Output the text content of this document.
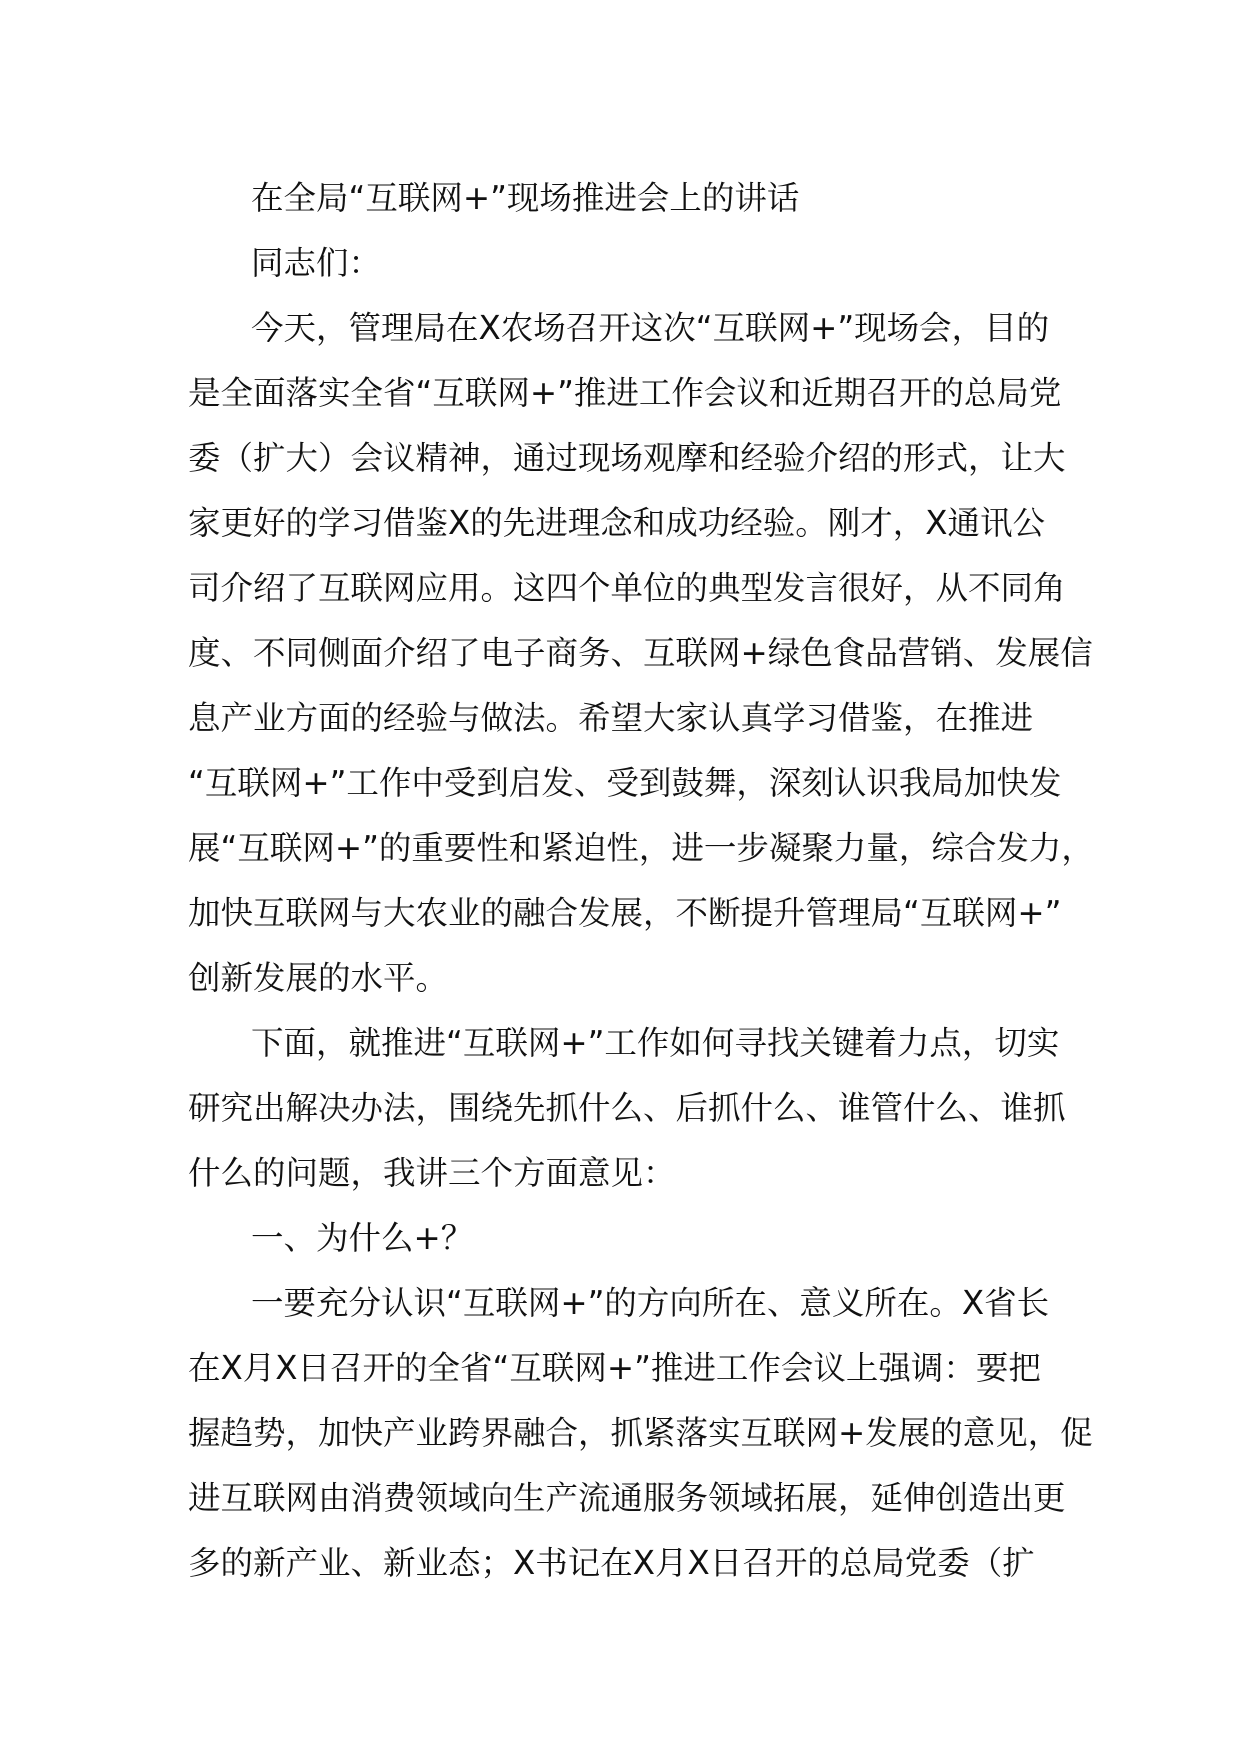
在全局“互联网+”现场推进会上的讲话

同志们：

今天，管理局在X农场召开这次“互联网+”现场会，目的
是全面落实全省“互联网+”推进工作会议和近期召开的总局党
委（扩大）会议精神，通过现场观摩和经验介绍的形式，让大
家更好的学习借鉴X的先进理念和成功经验。刚才，X通讯公
司介绍了互联网应用。这四个单位的典型发言很好，从不同角
度、不同侧面介绍了电子商务、互联网+绿色食品营销、发展信
息产业方面的经验与做法。希望大家认真学习借鉴，在推进
“互联网+”工作中受到启发、受到鼓舞，深刻认识我局加快发
展“互联网+”的重要性和紧迫性，进一步凝聚力量，综合发力，
加快互联网与大农业的融合发展，不断提升管理局“互联网+”
创新发展的水平。

下面，就推进“互联网+”工作如何寻找关键着力点，切实
研究出解决办法，围绕先抓什么、后抓什么、谁管什么、谁抓
什么的问题，我讲三个方面意见：

一、为什么+？

一要充分认识“互联网+”的方向所在、意义所在。X省长
在X月X日召开的全省“互联网+”推进工作会议上强调：要把
握趋势，加快产业跨界融合，抓紧落实互联网+发展的意见，促
进互联网由消费领域向生产流通服务领域拓展，延伸创造出更
多的新产业、新业态；X书记在X月X日召开的总局党委（扩
